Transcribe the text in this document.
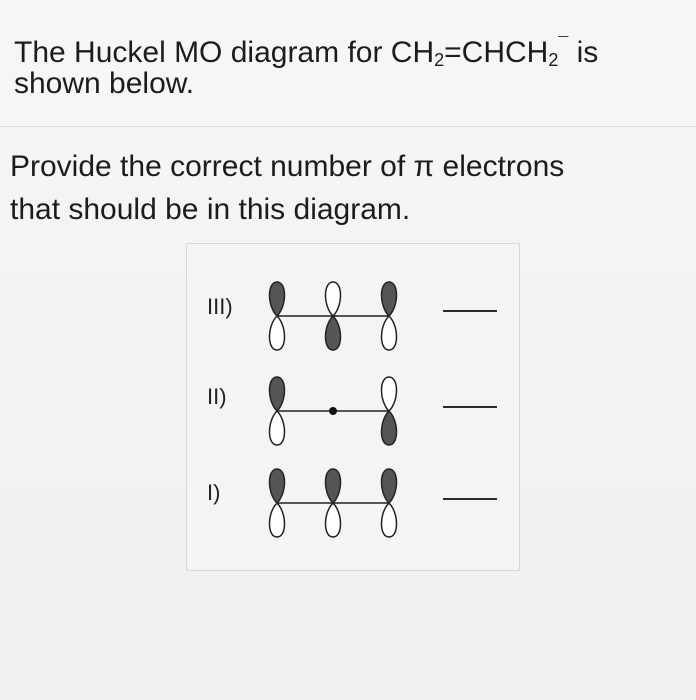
The Huckel MO diagram for $CH_2=CHCH_2^¯$ is
shown below.
Provide the correct number of π electrons
that should be in this diagram.
III)
II)
I)
